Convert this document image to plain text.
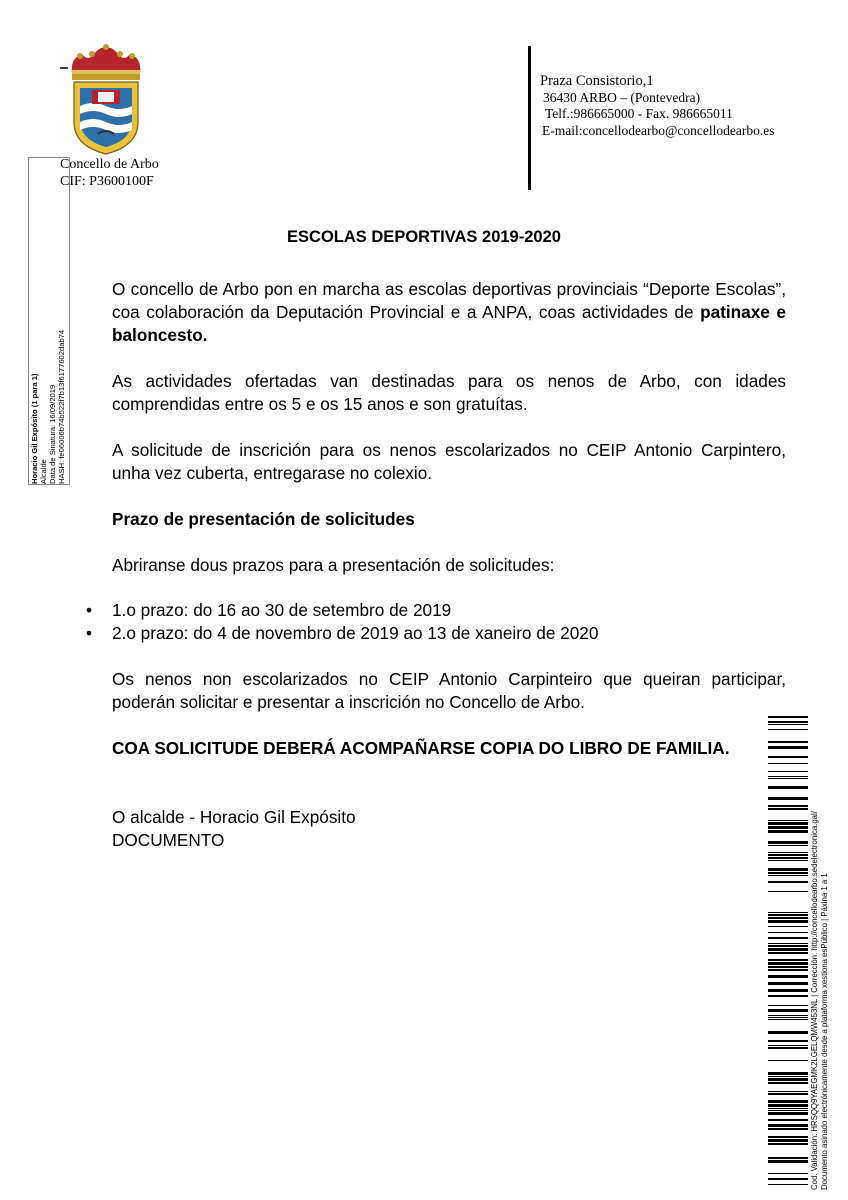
Concello de Arbo
CIF: P3600100F
Praza Consistorio,1
36430 ARBO – (Pontevedra)
Telf.:986665000 - Fax. 986665011
E-mail:concellodearbo@concellodearbo.es
Horacio Gil Expósito (1 para 1) Alcalde Data de Sinatura: 16/09/2019 HASH: fe06006b74b522f7b13f6177602dab74
ESCOLAS DEPORTIVAS 2019-2020
O concello de Arbo pon en marcha as escolas deportivas provinciais “Deporte Escolas”, coa colaboración da Deputación Provincial e a ANPA, coas actividades de patinaxe e baloncesto.
As actividades ofertadas van destinadas para os nenos de Arbo, con idades comprendidas entre os 5 e os 15 anos e son gratuítas.
A solicitude de inscrición para os nenos escolarizados no CEIP Antonio Carpintero, unha vez cuberta, entregarase no colexio.
Prazo de presentación de solicitudes
Abriranse dous prazos para a presentación de solicitudes:
• 1.o prazo: do 16 ao 30 de setembro de 2019
• 2.o prazo: do 4 de novembro de 2019 ao 13 de xaneiro de 2020
Os nenos non escolarizados no CEIP Antonio Carpinteiro que queiran participar, poderán solicitar e presentar a inscrición no Concello de Arbo.
COA SOLICITUDE DEBERÁ ACOMPAÑARSE COPIA DO LIBRO DE FAMILIA.
O alcalde - Horacio Gil Expósito
DOCUMENTO	Cod. Validación: HRSQQ9YAEGMK2LGELQMW453NL | Corrección: http://concellodearbo.sedelectronica.gal/ Documento asinado electrónicamente desde a plataforma xestiona esPúblico | Páxina 1 a 1
